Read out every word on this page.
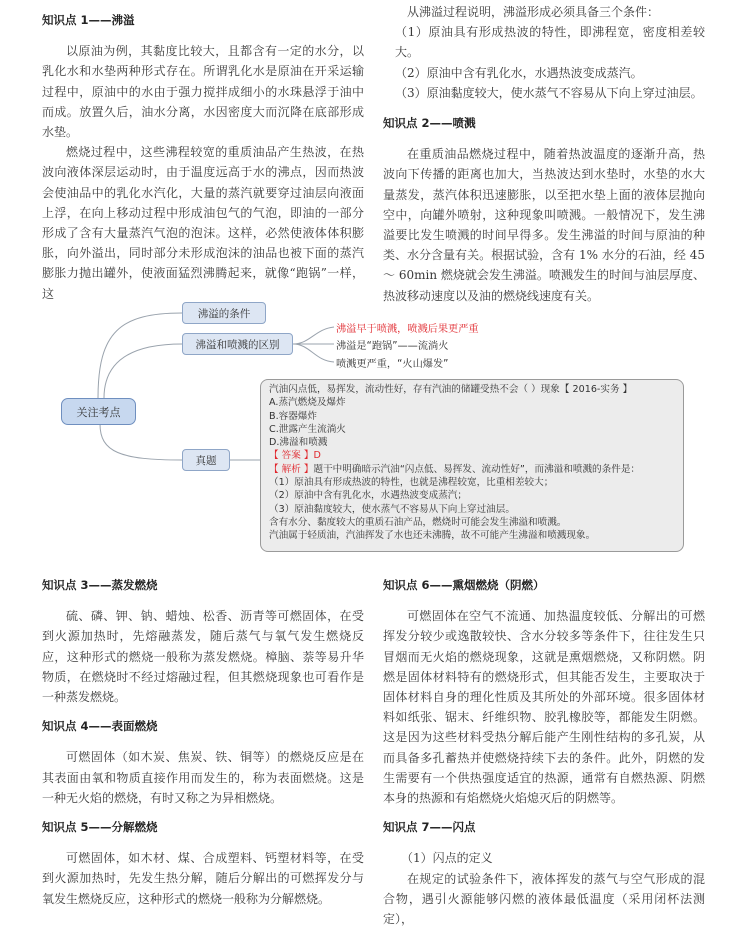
知识点 1——沸溢

以原油为例，其黏度比较大，且都含有一定的水分，以乳化水和水垫两种形式存在。所谓乳化水是原油在开采运输过程中，原油中的水由于强力搅拌成细小的水珠悬浮于油中而成。放置久后，油水分离，水因密度大而沉降在底部形成水垫。

燃烧过程中，这些沸程较宽的重质油品产生热波，在热波向液体深层运动时，由于温度远高于水的沸点，因而热波会使油品中的乳化水汽化，大量的蒸汽就要穿过油层向液面上浮，在向上移动过程中形成油包气的气泡，即油的一部分形成了含有大量蒸汽气泡的泡沫。这样，必然使液体体积膨胀，向外溢出，同时部分未形成泡沫的油品也被下面的蒸汽膨胀力抛出罐外，使液面猛烈沸腾起来，就像“跑锅”一样，这

从沸溢过程说明，沸溢形成必须具备三个条件：

（1）原油具有形成热波的特性，即沸程宽，密度相差较大。

（2）原油中含有乳化水，水遇热波变成蒸汽。

（3）原油黏度较大，使水蒸气不容易从下向上穿过油层。

知识点 2——喷溅

在重质油品燃烧过程中，随着热波温度的逐渐升高，热波向下传播的距离也加大，当热波达到水垫时，水垫的水大量蒸发，蒸汽体积迅速膨胀，以至把水垫上面的液体层抛向空中，向罐外喷射，这种现象叫喷溅。一般情况下，发生沸溢要比发生喷溅的时间早得多。发生沸溢的时间与原油的种类、水分含量有关。根据试验，含有 1% 水分的石油，经 45 ～ 60min 燃烧就会发生沸溢。喷溅发生的时间与油层厚度、热波移动速度以及油的燃烧线速度有关。

关注考点
沸溢的条件
沸溢和喷溅的区别
真题
沸溢早于喷溅，喷溅后果更严重
沸溢是“跑锅”——流淌火
喷溅更严重，“火山爆发”
汽油闪点低，易挥发，流动性好，存有汽油的储罐受热不会（ ）现象【 2016-实务 】
A.蒸汽燃烧及爆炸
B.容器爆炸
C.泄露产生流淌火
D.沸溢和喷溅
【 答案 】D
【 解析 】题干中明确暗示汽油“闪点低、易挥发、流动性好”，而沸溢和喷溅的条件是：
（1）原油具有形成热波的特性，也就是沸程较宽，比重相差较大；
（2）原油中含有乳化水，水遇热波变成蒸汽；
（3）原油黏度较大，使水蒸气不容易从下向上穿过油层。
含有水分、黏度较大的重质石油产品，燃烧时可能会发生沸溢和喷溅。
汽油属于轻质油，汽油挥发了水也还未沸腾，故不可能产生沸溢和喷溅现象。
知识点 3——蒸发燃烧

硫、磷、钾、钠、蜡烛、松香、沥青等可燃固体，在受到火源加热时，先熔融蒸发，随后蒸气与氧气发生燃烧反应，这种形式的燃烧一般称为蒸发燃烧。樟脑、萘等易升华物质，在燃烧时不经过熔融过程，但其燃烧现象也可看作是一种蒸发燃烧。

知识点 4——表面燃烧

可燃固体（如木炭、焦炭、铁、铜等）的燃烧反应是在其表面由氧和物质直接作用而发生的，称为表面燃烧。这是一种无火焰的燃烧，有时又称之为异相燃烧。

知识点 5——分解燃烧

可燃固体，如木材、煤、合成塑料、钙塑材料等，在受到火源加热时，先发生热分解，随后分解出的可燃挥发分与氧发生燃烧反应，这种形式的燃烧一般称为分解燃烧。

知识点 6——熏烟燃烧（阴燃）

可燃固体在空气不流通、加热温度较低、分解出的可燃挥发分较少或逸散较快、含水分较多等条件下，往往发生只冒烟而无火焰的燃烧现象，这就是熏烟燃烧，又称阴燃。阴燃是固体材料特有的燃烧形式，但其能否发生，主要取决于固体材料自身的理化性质及其所处的外部环境。很多固体材料如纸张、锯末、纤维织物、胶乳橡胶等，都能发生阴燃。这是因为这些材料受热分解后能产生刚性结构的多孔炭，从而具备多孔蓄热并使燃烧持续下去的条件。此外，阴燃的发生需要有一个供热强度适宜的热源，通常有自燃热源、阴燃本身的热源和有焰燃烧火焰熄灭后的阴燃等。

知识点 7——闪点

（1）闪点的定义

在规定的试验条件下，液体挥发的蒸气与空气形成的混合物，遇引火源能够闪燃的液体最低温度（采用闭杯法测定），
